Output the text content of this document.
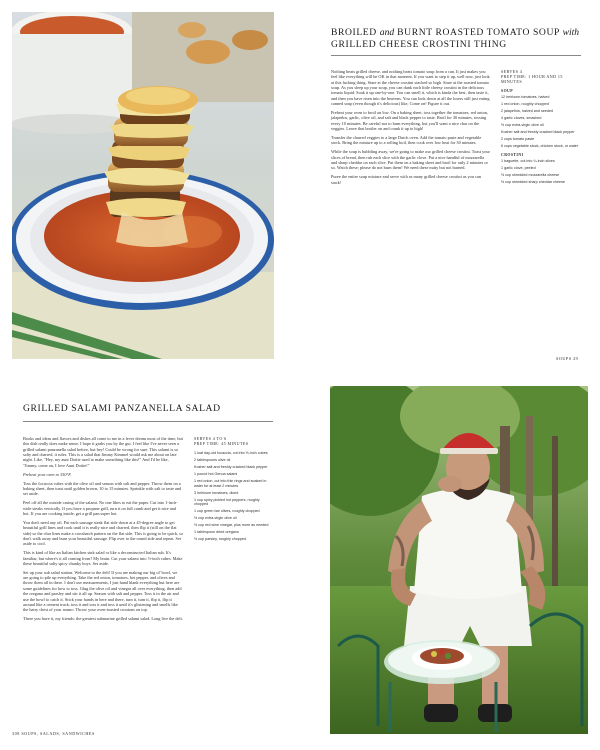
BROILED and BURNT ROASTED TOMATO SOUP with GRILLED CHEESE CROSTINI THING

Nothing beats grilled cheese, and nothing beats tomato soup from a can. It just makes you feel like everything will be OK in that moment. If you want to step it up, well now, just look at this fucking thing. Stare at the cheese crostini stacked so high. Stare at the roasted tomato soup. As you sleep up your soup, you can dunk each little cheesy crostini in the delicious tomato liquid. Soak it up one-by-one. You can smell it, which is kinda the best, then taste it, and then you have risen into the heavens. You can look down at all the losers still just eating canned soup (even though it's delicious) like, Come on! Figure it out.

Preheat your oven to broil on low. On a baking sheet, toss together the tomatoes, red onion, jalapeños, garlic, olive oil, and salt and black pepper to taste. Broil for 30 minutes, tossing every 10 minutes. Be careful not to burn everything, but you'll want a nice char on the veggies. Leave that broiler on and crank it up to high!

Transfer the charred veggies to a large Dutch oven. Add the tomato paste and vegetable stock. Bring the mixture up to a rolling boil, then cook over low heat for 30 minutes.

While the soup is bubbling away, we're going to make our grilled cheese crostini. Toast your slices of bread, then rub each slice with the garlic clove. Put a nice handful of mozzarella and sharp cheddar on each slice. Put them on a baking sheet and broil for only 2 minutes or so. Watch these; please do not burn them! We need these nutty but not burned.

Puree the entire soup mixture and serve with as many grilled cheese crostini as you can stack!

SERVES 4
PREP TIME: 1 HOUR AND 15 MINUTES
SOUP
12 heirloom tomatoes, halved
1 red onion, roughly chopped
2 jalapeños, halved and seeded
4 garlic cloves, smashed
½ cup extra-virgin olive oil
Kosher salt and freshly cracked black pepper
2 cups tomato paste
6 cups vegetable stock, chicken stock, or water
CROSTINI
1 baguette, cut into ¼-inch slices
1 garlic clove, peeled
½ cup shredded mozzarella cheese
½ cup shredded sharp cheddar cheese
SOUPS 29
GRILLED SALAMI PANZANELLA SALAD

Books and ideas and flavors and dishes all come to me in a fever dream most of the time, but this dish really does make sense. I hope it grabs you by the gut. I feel like I've never seen a grilled salami panzanella salad before, but hey! Could be wrong for sure. This salami is so salty and charred, it rules. This is a salad that Jimmy Kimmel would ask me about on late night. Like, "Hey, my aunt Dottie used to make something like this!" And I'd be like, "Jimmy, come on, I love Aunt Dottie!"

Preheat your oven to 350°F.

Toss the focaccia cubes with the olive oil and season with salt and pepper. Throw them on a baking sheet, then toast until golden brown, 10 to 15 minutes. Sprinkle with salt to taste and set aside.

Peel off all the outside casing of the salami. No one likes to eat the paper. Cut into 1-inch-wide steaks vertically. If you have a propane grill, turn it on full crank and get it nice and hot. If you are cooking inside, get a grill pan super hot.

You don't need any oil. Put each sausage steak flat side down at a 45-degree angle to get beautiful grill lines and cook until it is really nice and charred, then flip it (still on the flat side) so the char lines make a crosshatch pattern on the flat side. This is going to be quick, so don't walk away and burn your beautiful sausage. Flip over to the round side and repeat. Set aside to cool.

This is kind of like an Italian kitchen sink salad or like a deconstructed Italian sub. It's familiar, but where's it all coming from? My brain. Cut your salami into ½-inch cubes. Make these beautiful salty spicy chunky boys. Set aside.

Set up your sub salad station. Welcome to the deli! If you are making our big ol' bowl, we are going to pile up everything. Take the red onion, tomatoes, hot pepper, and olives and throw them all in there. I don't use measurements, I just hand blank everything but here are some guidelines for how to toss. Glug the olive oil and vinegar all over everything, then add the oregano and parsley and stir it all up. Season with salt and pepper. Toss it in the air and use the bowl to catch it. Stick your hands in here and there, turn it, turn it, flip it, flip it around like a cement truck, toss it and toss it and toss it until it's glistening and smells like the hairy chest of your nonno. Throw your oven-toasted croutons on top.

There you have it, my friends: the greatest submarine grilled salami salad. Long live the deli.

SERVES 4 TO 6
PREP TIME: 45 MINUTES
1 loaf day-old focaccia, cut into ½-inch cubes
2 tablespoons olive oil
Kosher salt and freshly cracked black pepper
1 pound hot Genoa salami
1 red onion, cut into thin rings and soaked in water for at least 2 minutes
3 heirloom tomatoes, diced
1 cup spicy pickled hot peppers, roughly chopped
1 cup green bar olives, roughly chopped
½ cup extra-virgin olive oil
½ cup red wine vinegar, plus more as needed
1 tablespoon dried oregano
½ cup parsley, roughly chopped
308 SOUPS, SALADS, SANDWICHES
